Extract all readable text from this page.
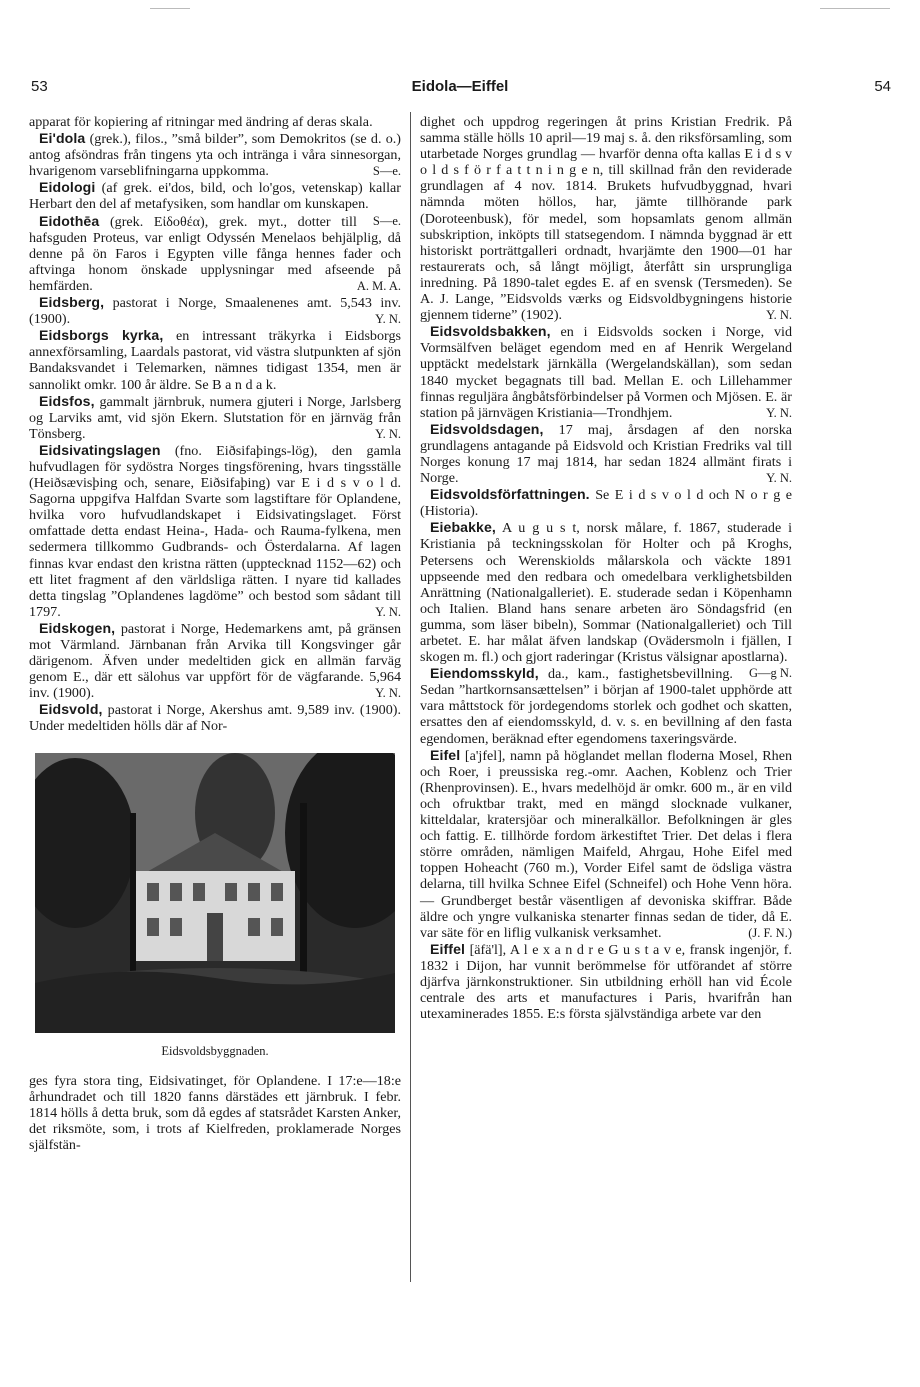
53	Eidola—Eiffel	54

apparat för kopiering af ritningar med ändring af deras skala.

Ei'dola (grek.), filos., ”små bilder”, som Demokritos (se d. o.) antog afsöndras från tingens yta och intränga i våra sinnesorgan, hvarigenom varseblifningarna uppkomma.	S—e.

Eidologi (af grek. ei'dos, bild, och lo'gos, vetenskap) kallar Herbart den del af metafysiken, som handlar om kunskapen.
S—e.

Eidothēa (grek. Εἰδοθέα), grek. myt., dotter till hafsguden Proteus, var enligt Odyssén Menelaos behjälplig, då denne på ön Faros i Egypten ville fånga hennes fader och aftvinga honom önskade upplysningar med afseende på hemfärden.	A. M. A.

Eidsberg, pastorat i Norge, Smaalenenes amt. 5,543 inv. (1900).	Y. N.

Eidsborgs kyrka, en intressant träkyrka i Eidsborgs annexförsamling, Laardals pastorat, vid västra slutpunkten af sjön Bandaksvandet i Telemarken, nämnes tidigast 1354, men är sannolikt omkr. 100 år äldre. Se B a n d a k.

Eidsfos, gammalt järnbruk, numera gjuteri i Norge, Jarlsberg og Larviks amt, vid sjön Ekern. Slutstation för en järnväg från Tönsberg.	Y. N.

Eidsivatingslagen (fno. Eiðsifaþings-lög), den gamla hufvudlagen för sydöstra Norges tingsförening, hvars tingsställe (Heiðsævisþing och, senare, Eiðsifaþing) var E i d s v o l d. Sagorna uppgifva Halfdan Svarte som lagstiftare för Oplandene, hvilka voro hufvudlandskapet i Eidsivatingslaget. Först omfattade detta endast Heina-, Hada- och Rauma-fylkena, men sedermera tillkommo Gudbrands- och Österdalarna. Af lagen finnas kvar endast den kristna rätten (upptecknad 1152—62) och ett litet fragment af den världsliga rätten. I nyare tid kallades detta tingslag ”Oplandenes lagdöme” och bestod som sådant till 1797.	Y. N.

Eidskogen, pastorat i Norge, Hedemarkens amt, på gränsen mot Värmland. Järnbanan från Arvika till Kongsvinger går därigenom. Äfven under medeltiden gick en allmän farväg genom E., där ett sälohus var uppfört för de vägfarande. 5,964 inv. (1900).	Y. N.

Eidsvold, pastorat i Norge, Akershus amt. 9,589 inv. (1900). Under medeltiden hölls där af Nor-

Eidsvoldsbyggnaden.

ges fyra stora ting, Eidsivatinget, för Oplandene. I 17:e—18:e århundradet och till 1820 fanns därstädes ett järnbruk. I febr. 1814 hölls å detta bruk, som då egdes af statsrådet Karsten Anker, det riksmöte, som, i trots af Kielfreden, proklamerade Norges själfstän-

dighet och uppdrog regeringen åt prins Kristian Fredrik. På samma ställe hölls 10 april—19 maj s. å. den riksförsamling, som utarbetade Norges grundlag — hvarför denna ofta kallas E i d s v o l d s f ö r f a t t n i n g e n, till skillnad från den reviderade grundlagen af 4 nov. 1814. Brukets hufvudbyggnad, hvari nämnda möten höllos, har, jämte tillhörande park (Doroteenbusk), för medel, som hopsamlats genom allmän subskription, inköpts till statsegendom. I nämnda byggnad är ett historiskt porträttgalleri ordnadt, hvarjämte den 1900—01 har restaurerats och, så långt möjligt, återfått sin ursprungliga inredning. På 1890-talet egdes E. af en svensk (Tersmeden). Se A. J. Lange, ”Eidsvolds værks og Eidsvoldbygningens historie gjennem tiderne” (1902).	Y. N.

Eidsvoldsbakken, en i Eidsvolds socken i Norge, vid Vormsälfven beläget egendom med en af Henrik Wergeland upptäckt medelstark järnkälla (Wergelandskällan), som sedan 1840 mycket begagnats till bad. Mellan E. och Lillehammer finnas reguljära ångbåtsförbindelser på Vormen och Mjösen. E. är station på järnvägen Kristiania—Trondhjem.	Y. N.

Eidsvoldsdagen, 17 maj, årsdagen af den norska grundlagens antagande på Eidsvold och Kristian Fredriks val till Norges konung 17 maj 1814, har sedan 1824 allmänt firats i Norge.	Y. N.

Eidsvoldsförfattningen. Se E i d s v o l d och N o r g e (Historia).

Eiebakke, A u g u s t, norsk målare, f. 1867, studerade i Kristiania på teckningsskolan för Holter och på Kroghs, Petersens och Werenskiolds målarskola och väckte 1891 uppseende med den redbara och omedelbara verklighetsbilden Anrättning (Nationalgalleriet). E. studerade sedan i Köpenhamn och Italien. Bland hans senare arbeten äro Söndagsfrid (en gumma, som läser bibeln), Sommar (Nationalgalleriet) och Till arbetet. E. har målat äfven landskap (Ovädersmoln i fjällen, I skogen m. fl.) och gjort raderingar (Kristus välsignar apostlarna).
G—g N.

Eiendomsskyld, da., kam., fastighetsbevillning. Sedan ”hartkornsansættelsen” i början af 1900-talet upphörde att vara måttstock för jordegendoms storlek och godhet och skatten, ersattes den af eiendomsskyld, d. v. s. en bevillning af den fasta egendomen, beräknad efter egendomens taxeringsvärde.

Eifel [a'jfel], namn på höglandet mellan floderna Mosel, Rhen och Roer, i preussiska reg.-omr. Aachen, Koblenz och Trier (Rhenprovinsen). E., hvars medelhöjd är omkr. 600 m., är en vild och ofruktbar trakt, med en mängd slocknade vulkaner, kitteldalar, kratersjöar och mineralkällor. Befolkningen är gles och fattig. E. tillhörde fordom ärkestiftet Trier. Det delas i flera större områden, nämligen Maifeld, Ahrgau, Hohe Eifel med toppen Hoheacht (760 m.), Vorder Eifel samt de ödsliga västra delarna, till hvilka Schnee Eifel (Schneifel) och Hohe Venn höra. — Grundberget består väsentligen af devoniska skiffrar. Både äldre och yngre vulkaniska stenarter finnas sedan de tider, då E. var säte för en liflig vulkanisk verksamhet.	(J. F. N.)

Eiffel [äfä'l], A l e x a n d r e G u s t a v e, fransk ingenjör, f. 1832 i Dijon, har vunnit berömmelse för utförandet af större djärfva järnkonstruktioner. Sin utbildning erhöll han vid École centrale des arts et manufactures i Paris, hvarifrån han utexaminerades 1855. E:s första självständiga arbete var den
